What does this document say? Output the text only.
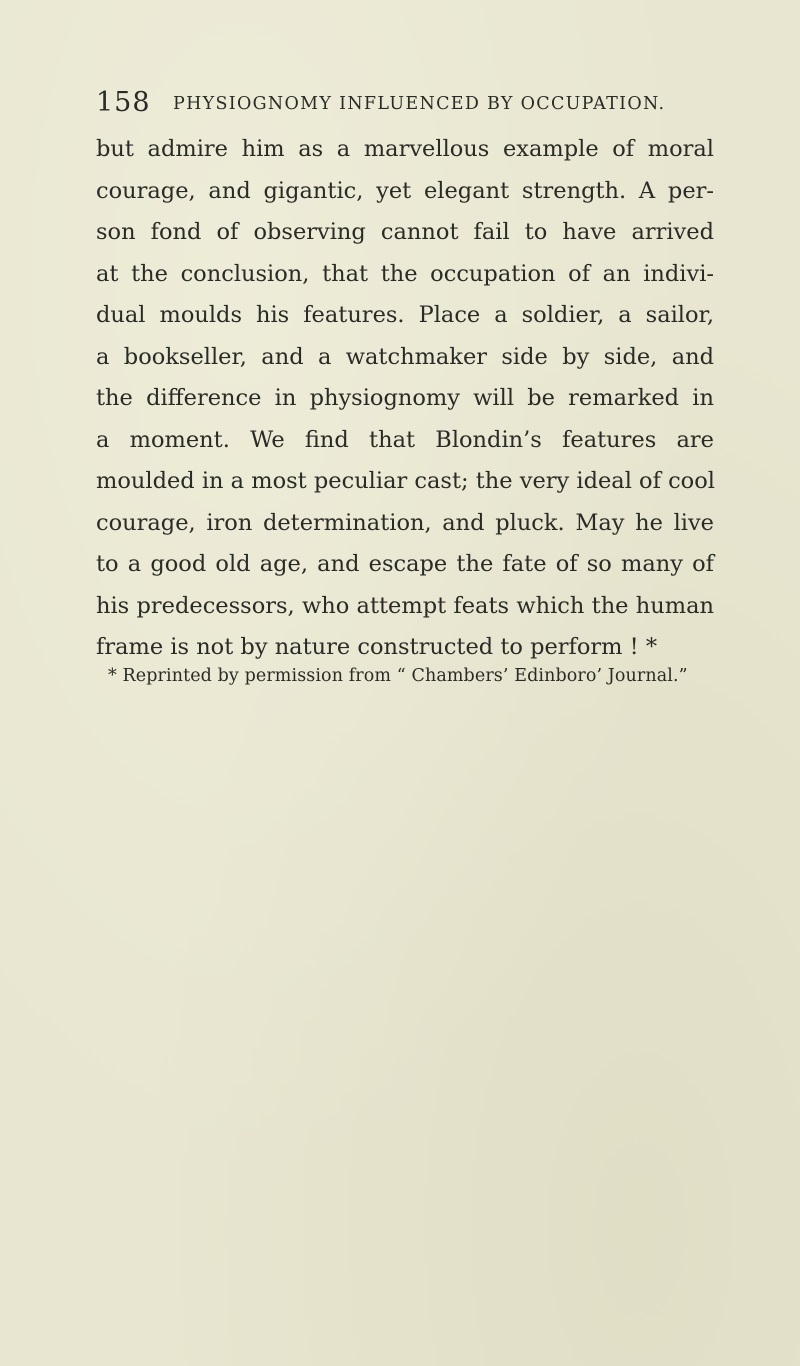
158 PHYSIOGNOMY INFLUENCED BY OCCUPATION.
but admire him as a marvellous example of moral
courage, and gigantic, yet elegant strength. A per-
son fond of observing cannot fail to have arrived
at the conclusion, that the occupation of an indivi-
dual moulds his features. Place a soldier, a sailor,
a bookseller, and a watchmaker side by side, and
the difference in physiognomy will be remarked in
a moment. We find that Blondin’s features are
moulded in a most peculiar cast; the very ideal of cool
courage, iron determination, and pluck. May he live
to a good old age, and escape the fate of so many of
his predecessors, who attempt feats which the human
frame is not by nature constructed to perform ! *
* Reprinted by permission from “ Chambers’ Edinboro’ Journal.”
